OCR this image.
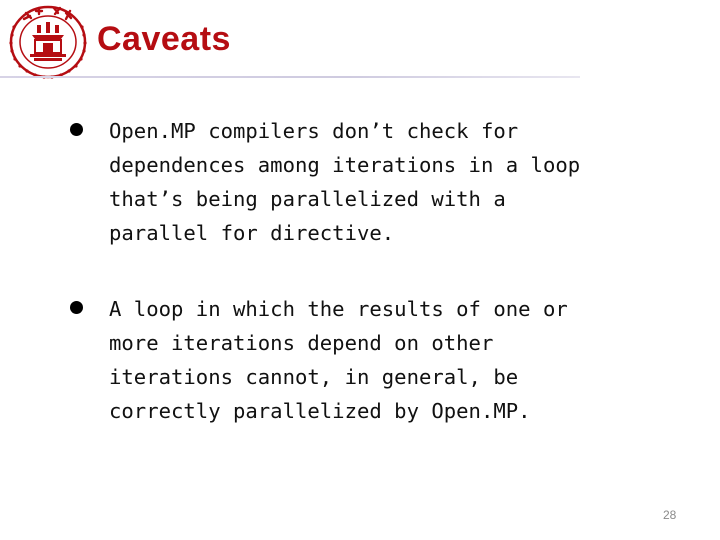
Caveats
Open.MP compilers don’t check for
dependences among iterations in a loop
that’s being parallelized with a
parallel for directive.
A loop in which the results of one or
more iterations depend on other
iterations cannot, in general, be
correctly parallelized by Open.MP.
28
